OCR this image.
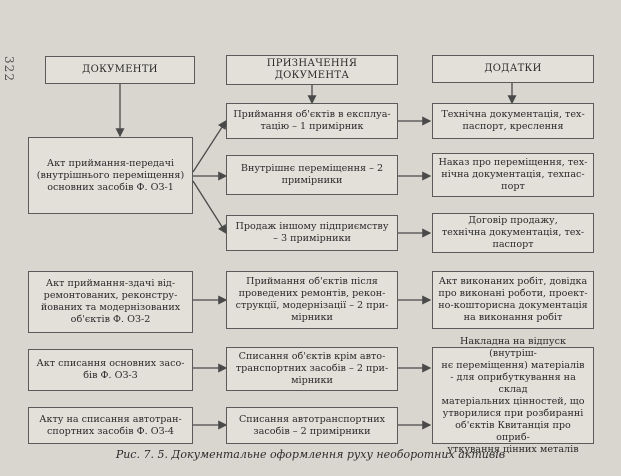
322	ДОКУМЕНТИ
ПРИЗНАЧЕННЯ
ДОКУМЕНТА
ДОДАТКИ
Акт приймання-передачі
(внутрішнього переміщення)
основних засобів Ф. ОЗ-1
Акт приймання-здачі від-
ремонтованих, реконстру-
йованих та модернізованих
об'єктів Ф. ОЗ-2
Акт списання основних засо-
бів Ф. ОЗ-3
Акту на списання автотран-
спортних засобів Ф. ОЗ-4
Приймання об'єктів в експлуа-
тацію – 1 примірник
Внутрішнє переміщення – 2
примірники
Продаж іншому підприємству
– 3 примірники
Приймання об'єктів після
проведених ремонтів, рекон-
струкції, модернізації – 2 при-
мірники
Списання об'єктів крім авто-
транспортних засобів – 2 при-
мірники
Списання автотранспортних
засобів – 2 примірники
Технічна документація, тех-
паспорт, креслення
Наказ про переміщення, тех-
нічна документація, техпас-
порт
Договір продажу,
технічна документація, тех-
паспорт
Акт виконаних робіт, довідка
про виконані роботи, проект-
но-кошторисна документація
на виконання робіт
Накладна на відпуск (внутріш-
нє переміщення) матеріалів
- для оприбуткування на склад
матеріальних цінностей, що
утворилися при розбиранні
об'єктів Квитанція про оприб-
уткування цінних металів
Рис. 7. 5. Документальне оформлення руху необоротних активів
